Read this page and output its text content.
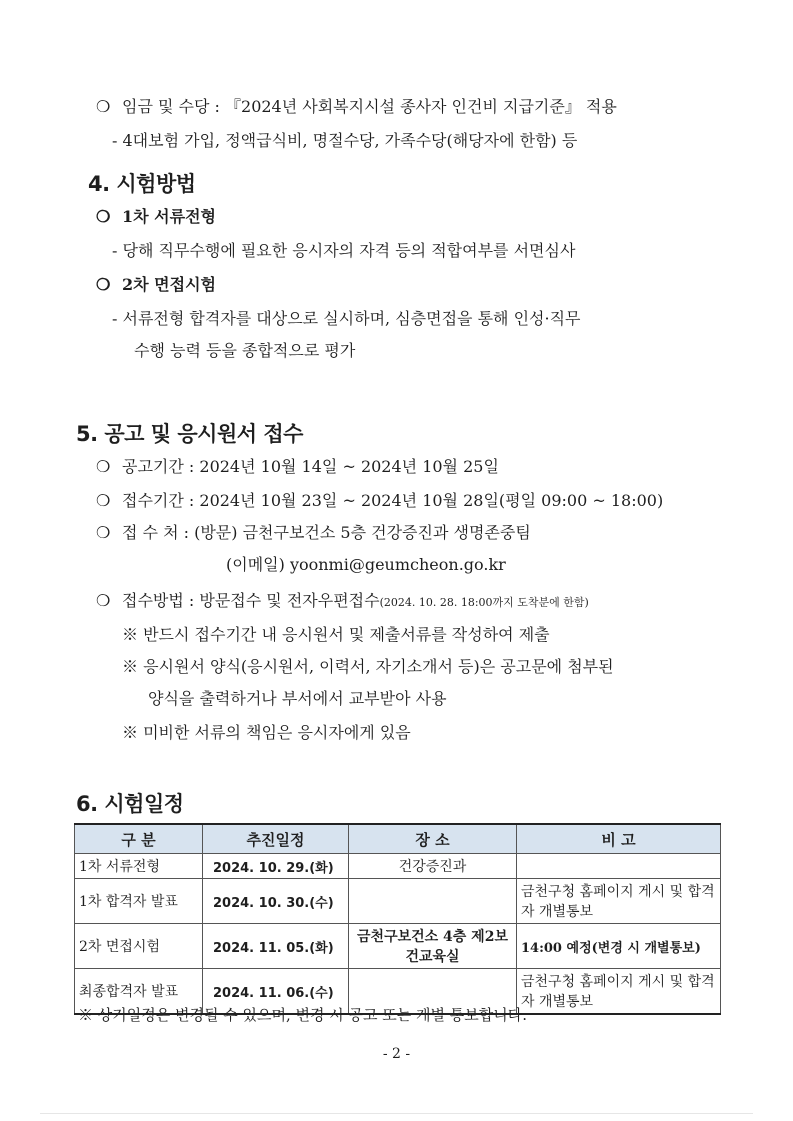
❍ 임금 및 수당 : 『2024년 사회복지시설 종사자 인건비 지급기준』 적용
- 4대보험 가입, 정액급식비, 명절수당, 가족수당(해당자에 한함) 등
4. 시험방법
❍ 1차 서류전형
- 당해 직무수행에 필요한 응시자의 자격 등의 적합여부를 서면심사
❍ 2차 면접시험
- 서류전형 합격자를 대상으로 실시하며, 심층면접을 통해 인성·직무
수행 능력 등을 종합적으로 평가
5. 공고 및 응시원서 접수
❍ 공고기간 : 2024년 10월 14일 ~ 2024년 10월 25일
❍ 접수기간 : 2024년 10월 23일 ~ 2024년 10월 28일(평일 09:00 ~ 18:00)
❍ 접 수 처 : (방문) 금천구보건소 5층 건강증진과 생명존중팀
(이메일) yoonmi@geumcheon.go.kr
❍ 접수방법 : 방문접수 및 전자우편접수(2024. 10. 28. 18:00까지 도착분에 한함)
※ 반드시 접수기간 내 응시원서 및 제출서류를 작성하여 제출
※ 응시원서 양식(응시원서, 이력서, 자기소개서 등)은 공고문에 첨부된
양식을 출력하거나 부서에서 교부받아 사용
※ 미비한 서류의 책임은 응시자에게 있음
6. 시험일정
구 분	추진일정	장 소	비 고
1차 서류전형	2024. 10. 29.(화)	건강증진과	
1차 합격자 발표	2024. 10. 30.(수)		금천구청 홈페이지 게시 및 합격자 개별통보
2차 면접시험	2024. 11. 05.(화)	금천구보건소 4층 제2보건교육실	14:00 예정(변경 시 개별통보)
최종합격자 발표	2024. 11. 06.(수)		금천구청 홈페이지 게시 및 합격자 개별통보
※ 상기일정은 변경될 수 있으며, 변경 시 공고 또는 개별 통보합니다.
- 2 -
